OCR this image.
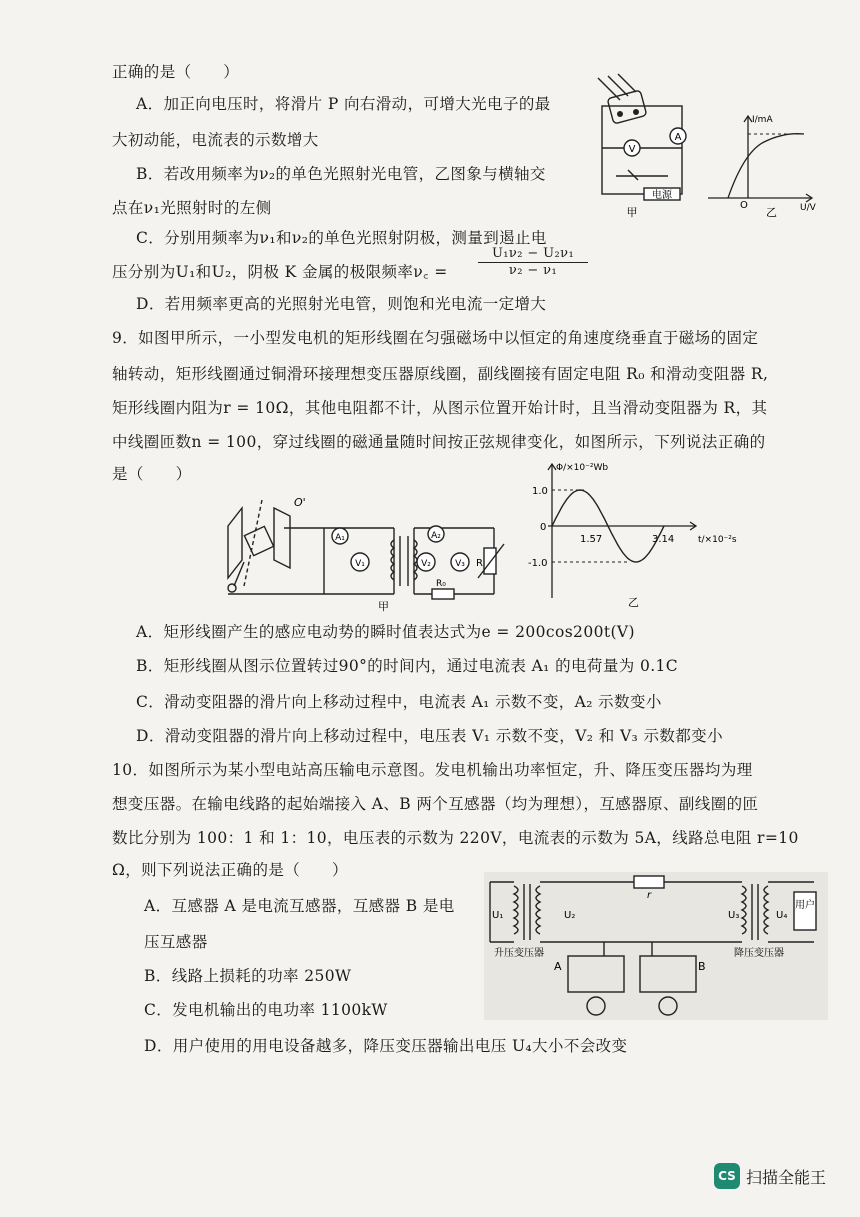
正确的是（　　）
A．加正向电压时，将滑片 P 向右滑动，可增大光电子的最
大初动能，电流表的示数增大
B．若改用频率为ν₂的单色光照射光电管，乙图象与横轴交
点在ν₁光照射时的左侧
C．分别用频率为ν₁和ν₂的单色光照射阴极，测量到遏止电
压分别为U₁和U₂，阴极 K 金属的极限频率ν꜀ = $\frac{\text{U₁ν₂ − U₂ν₁}}{\text{ν₂ − ν₁}}$
D．若用频率更高的光照射光电管，则饱和光电流一定增大
A
V
电源
甲
I/mA
U/V
O
乙
9．如图甲所示，一小型发电机的矩形线圈在匀强磁场中以恒定的角速度绕垂直于磁场的固定
轴转动，矩形线圈通过铜滑环接理想变压器原线圈，副线圈接有固定电阻 R₀ 和滑动变阻器 R,
矩形线圈内阻为r = 10Ω，其他电阻都不计，从图示位置开始计时，且当滑动变阻器为 R，其
中线圈匝数n = 100，穿过线圈的磁通量随时间按正弦规律变化，如图所示，下列说法正确的
是（　　）
A₁
V₁	V₂
A₂
V₃ R
R₀
O'
甲
Φ/×10⁻²Wb
1.0
0
-1.0
1.57	3.14	t/×10⁻²s
乙
A．矩形线圈产生的感应电动势的瞬时值表达式为e = 200cos200t(V)
B．矩形线圈从图示位置转过90°的时间内，通过电流表 A₁ 的电荷量为 0.1C
C．滑动变阻器的滑片向上移动过程中，电流表 A₁ 示数不变，A₂ 示数变小
D．滑动变阻器的滑片向上移动过程中，电压表 V₁ 示数不变，V₂ 和 V₃ 示数都变小
10．如图所示为某小型电站高压输电示意图。发电机输出功率恒定，升、降压变压器均为理
想变压器。在输电线路的起始端接入 A、B 两个互感器（均为理想），互感器原、副线圈的匝
数比分别为 100：1 和 1：10，电压表的示数为 220V，电流表的示数为 5A，线路总电阻 r=10
Ω，则下列说法正确的是（　　）
A．互感器 A 是电流互感器，互感器 B 是电
压互感器
B．线路上损耗的功率 250W
C．发电机输出的电功率 1100kW
D．用户使用的用电设备越多，降压变压器输出电压 U₄大小不会改变
用户
r
U₁	U₂	U₃	U₄
升压变压器	降压变压器
A	B
CS 扫描全能王
